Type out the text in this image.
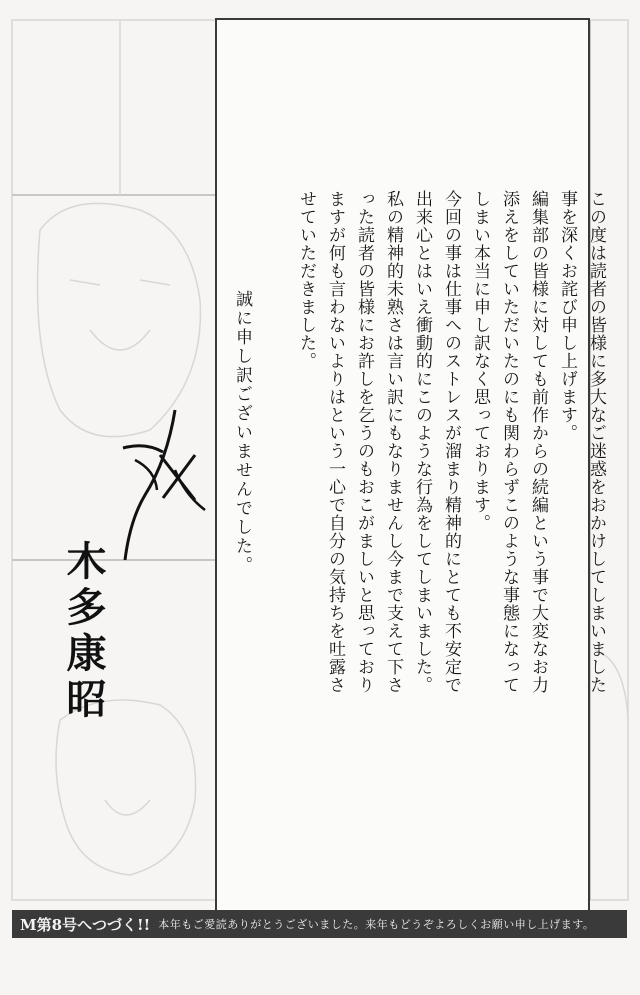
この度は読者の皆様に多大なご迷惑をおかけしてしまいました事を深くお詫び申し上げます。

編集部の皆様に対しても前作からの続編という事で大変なお力添えをしていただいたのにも関わらずこのような事態になってしまい本当に申し訳なく思っております。

今回の事は仕事へのストレスが溜まり精神的にとても不安定で出来心とはいえ衝動的にこのような行為をしてしまいました。

私の精神的未熟さは言い訳にもなりませんし今まで支えて下さった読者の皆様にお許しを乞うのもおこがましいと思っておりますが何も言わないよりはという一心で自分の気持ちを吐露させていただきました。

誠に申し訳ございませんでした。
木多康昭
M第8号へつづく!! 本年もご愛読ありがとうございました。来年もどうぞよろしくお願い申し上げます。
